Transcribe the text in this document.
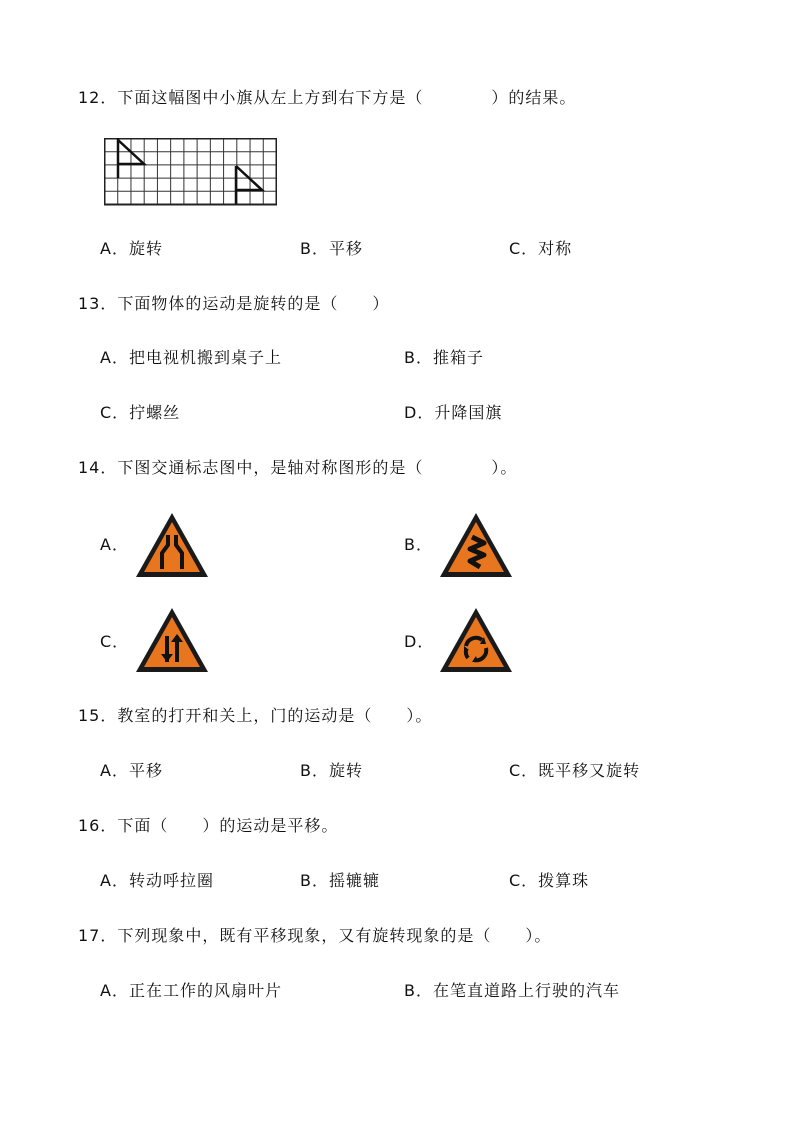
12．下面这幅图中小旗从左上方到右下方是（　　　　）的结果。
A．旋转	B．平移	C．对称
13．下面物体的运动是旋转的是（　　）
A．把电视机搬到桌子上	B．推箱子
C．拧螺丝	D．升降国旗
14．下图交通标志图中，是轴对称图形的是（　　　　）。
A．	B．
C．	D．
15．教室的打开和关上，门的运动是（　　）。
A．平移	B．旋转	C．既平移又旋转
16．下面（　　）的运动是平移。
A．转动呼拉圈	B．摇辘辘	C．拨算珠
17．下列现象中，既有平移现象，又有旋转现象的是（　　）。
A．正在工作的风扇叶片	B．在笔直道路上行驶的汽车
